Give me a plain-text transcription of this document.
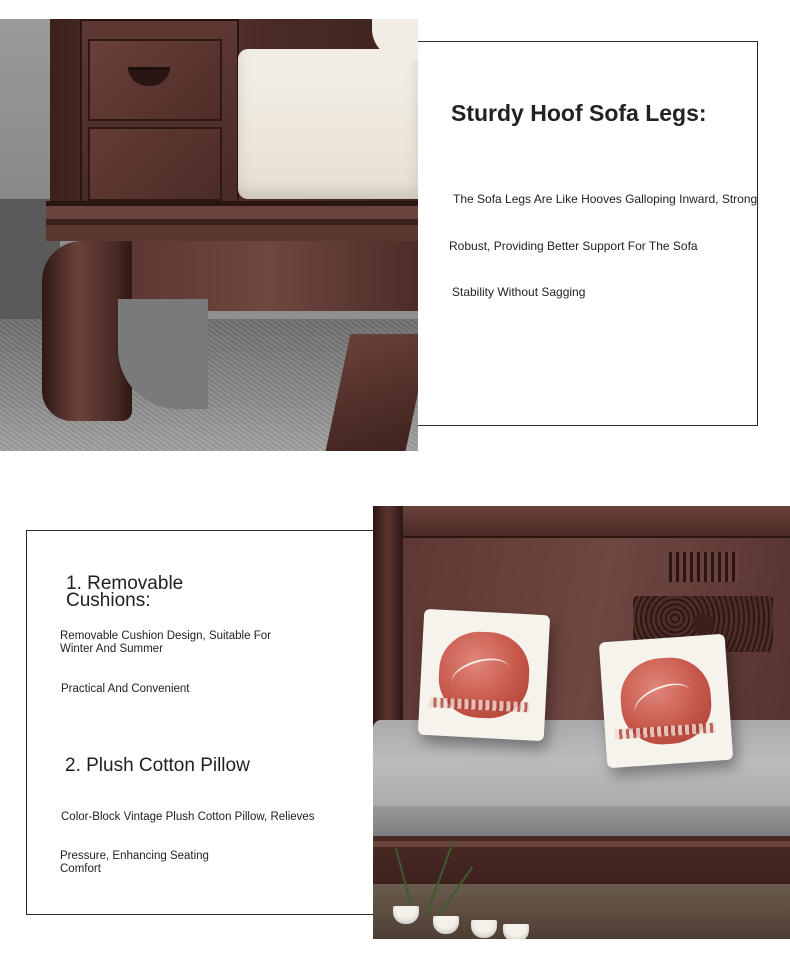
Sturdy Hoof Sofa Legs:
The Sofa Legs Are Like Hooves Galloping Inward, Strong
Robust, Providing Better Support For The Sofa
Stability Without Sagging
1. Removable
Cushions:
Removable Cushion Design, Suitable For
Winter And Summer
Practical And Convenient
2. Plush Cotton Pillow
Color-Block Vintage Plush Cotton Pillow, Relieves
Pressure, Enhancing Seating
Comfort
